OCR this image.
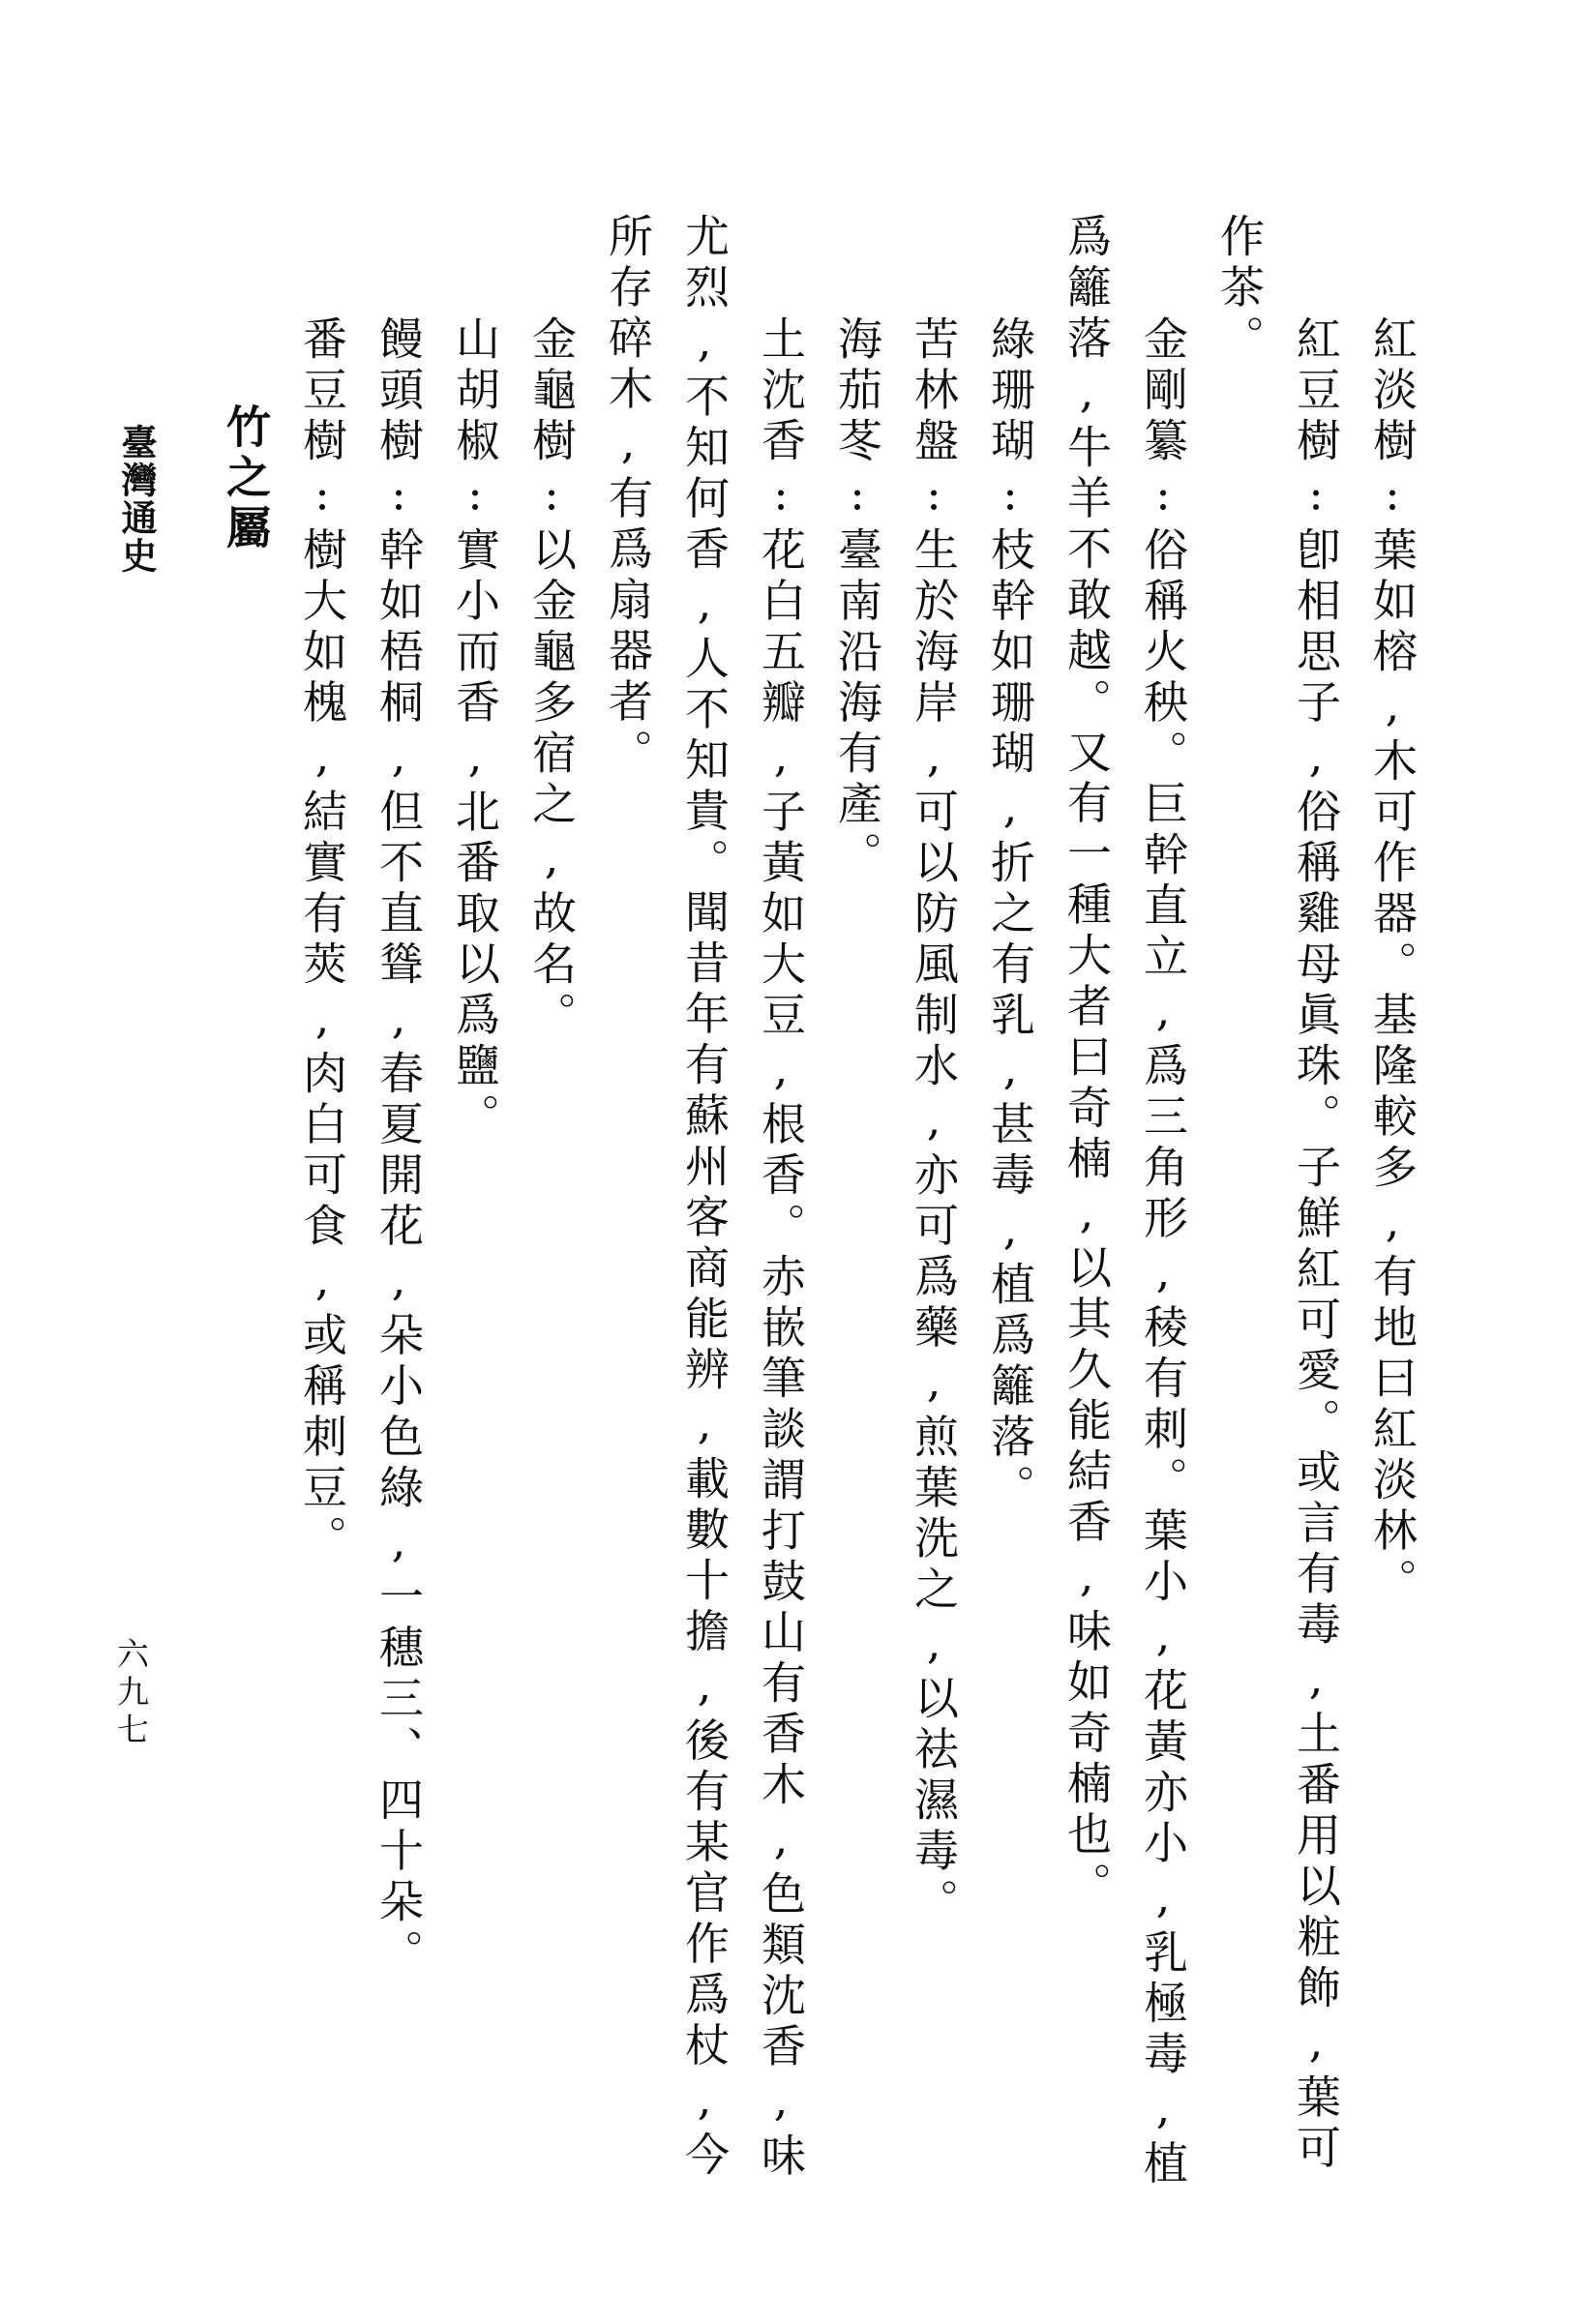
紅淡樹:葉如榕,木可作器。基隆較多,有地曰紅淡林。

紅豆樹:卽相思子,俗稱雞母眞珠。子鮮紅可愛。或言有毒,土番用以粧飾,葉可

作茶。

金剛纂:俗稱火秧。巨幹直立,爲三角形,稜有刺。葉小,花黃亦小,乳極毒,植

爲籬落,牛羊不敢越。又有一種大者曰奇楠,以其久能結香,味如奇楠也。

綠珊瑚:枝幹如珊瑚,折之有乳,甚毒,植爲籬落。

苦林盤:生於海岸,可以防風制水,亦可爲藥,煎葉洗之,以祛濕毒。

海茄苳:臺南沿海有產。

土沈香:花白五瓣,子黃如大豆,根香。赤嵌筆談謂打鼓山有香木,色類沈香,味

尤烈,不知何香,人不知貴。聞昔年有蘇州客商能辨,載數十擔,後有某官作爲杖,今

所存碎木,有爲扇器者。

金龜樹:以金龜多宿之,故名。

山胡椒:實小而香,北番取以爲鹽。

饅頭樹:幹如梧桐,但不直聳,春夏開花,朵小色綠,一穗三、四十朵。

番豆樹:樹大如槐,結實有莢,肉白可食,或稱刺豆。

竹之屬
臺灣通史
六九七
